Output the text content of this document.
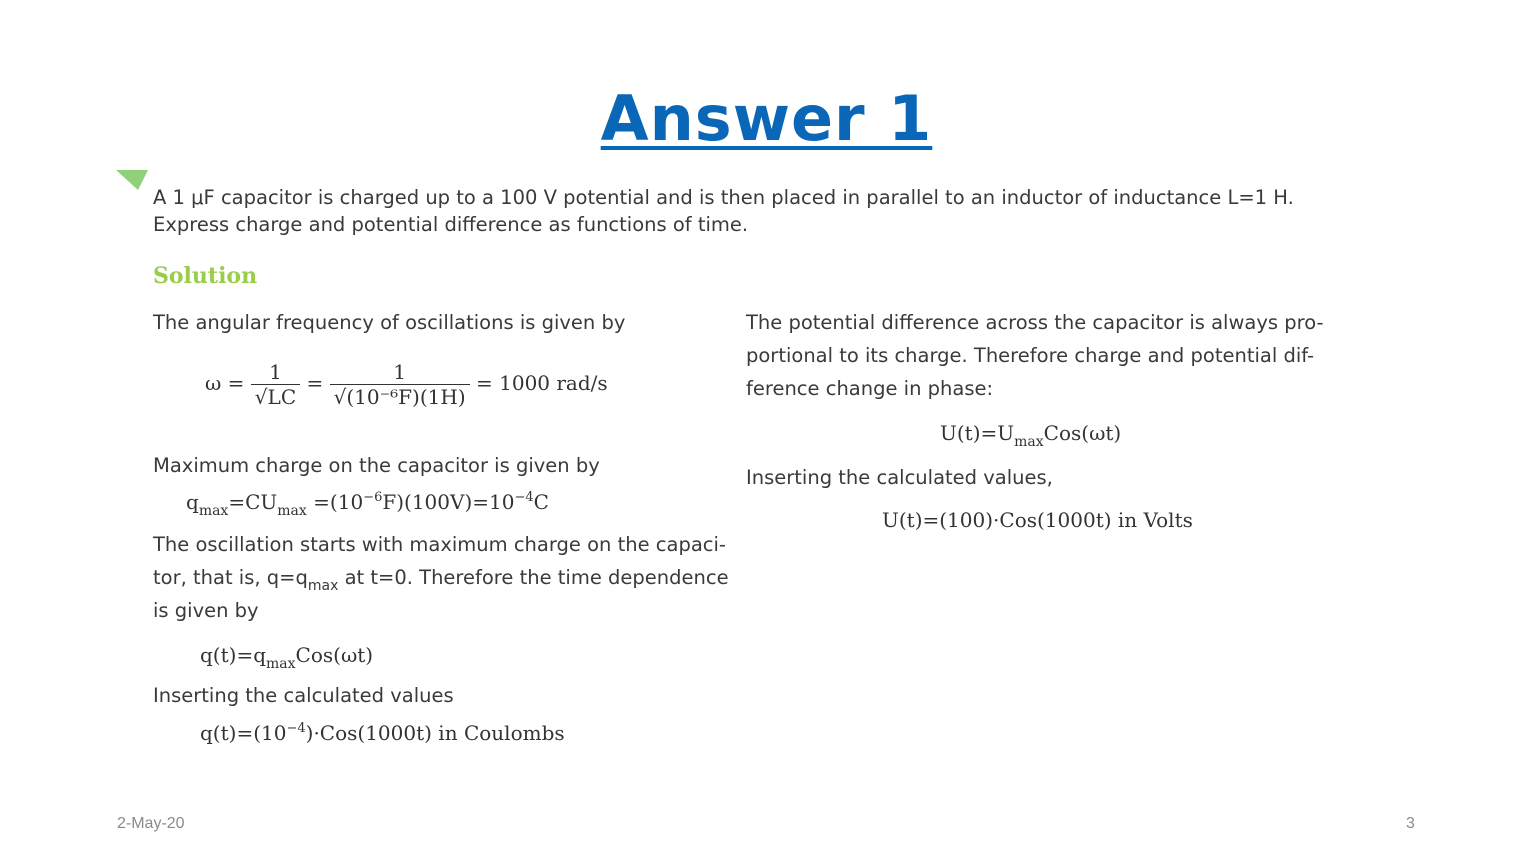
Answer 1
A 1 μF capacitor is charged up to a 100 V potential and is then placed in parallel to an inductor of inductance L=1 H.
Express charge and potential difference as functions of time.
Solution
The angular frequency of oscillations is given by
$\omega = \frac{1}{√LC} = \frac{1}{\text{√(10⁻⁶F)(1H)}} = 1000$ rad/s
Maximum charge on the capacitor is given by
$q_{max}=CU_{max} =(10^{-6}F)(100V)=10^{-4}C$
The oscillation starts with maximum charge on the capaci-
tor, that is, $q=q_{max}$ at t=0. Therefore the time dependence
is given by
$q(t)=q_{max}Cos(\omega t)$
Inserting the calculated values
$q(t)=(10^{-4})\cdot Cos(1000t)$ in Coulombs
The potential difference across the capacitor is always pro-
portional to its charge. Therefore charge and potential dif-
ference change in phase:
$U(t)=U_{max}Cos(\omega t)$
Inserting the calculated values,
U(t)=(100)·Cos(1000t) in Volts
2-May-20	3
